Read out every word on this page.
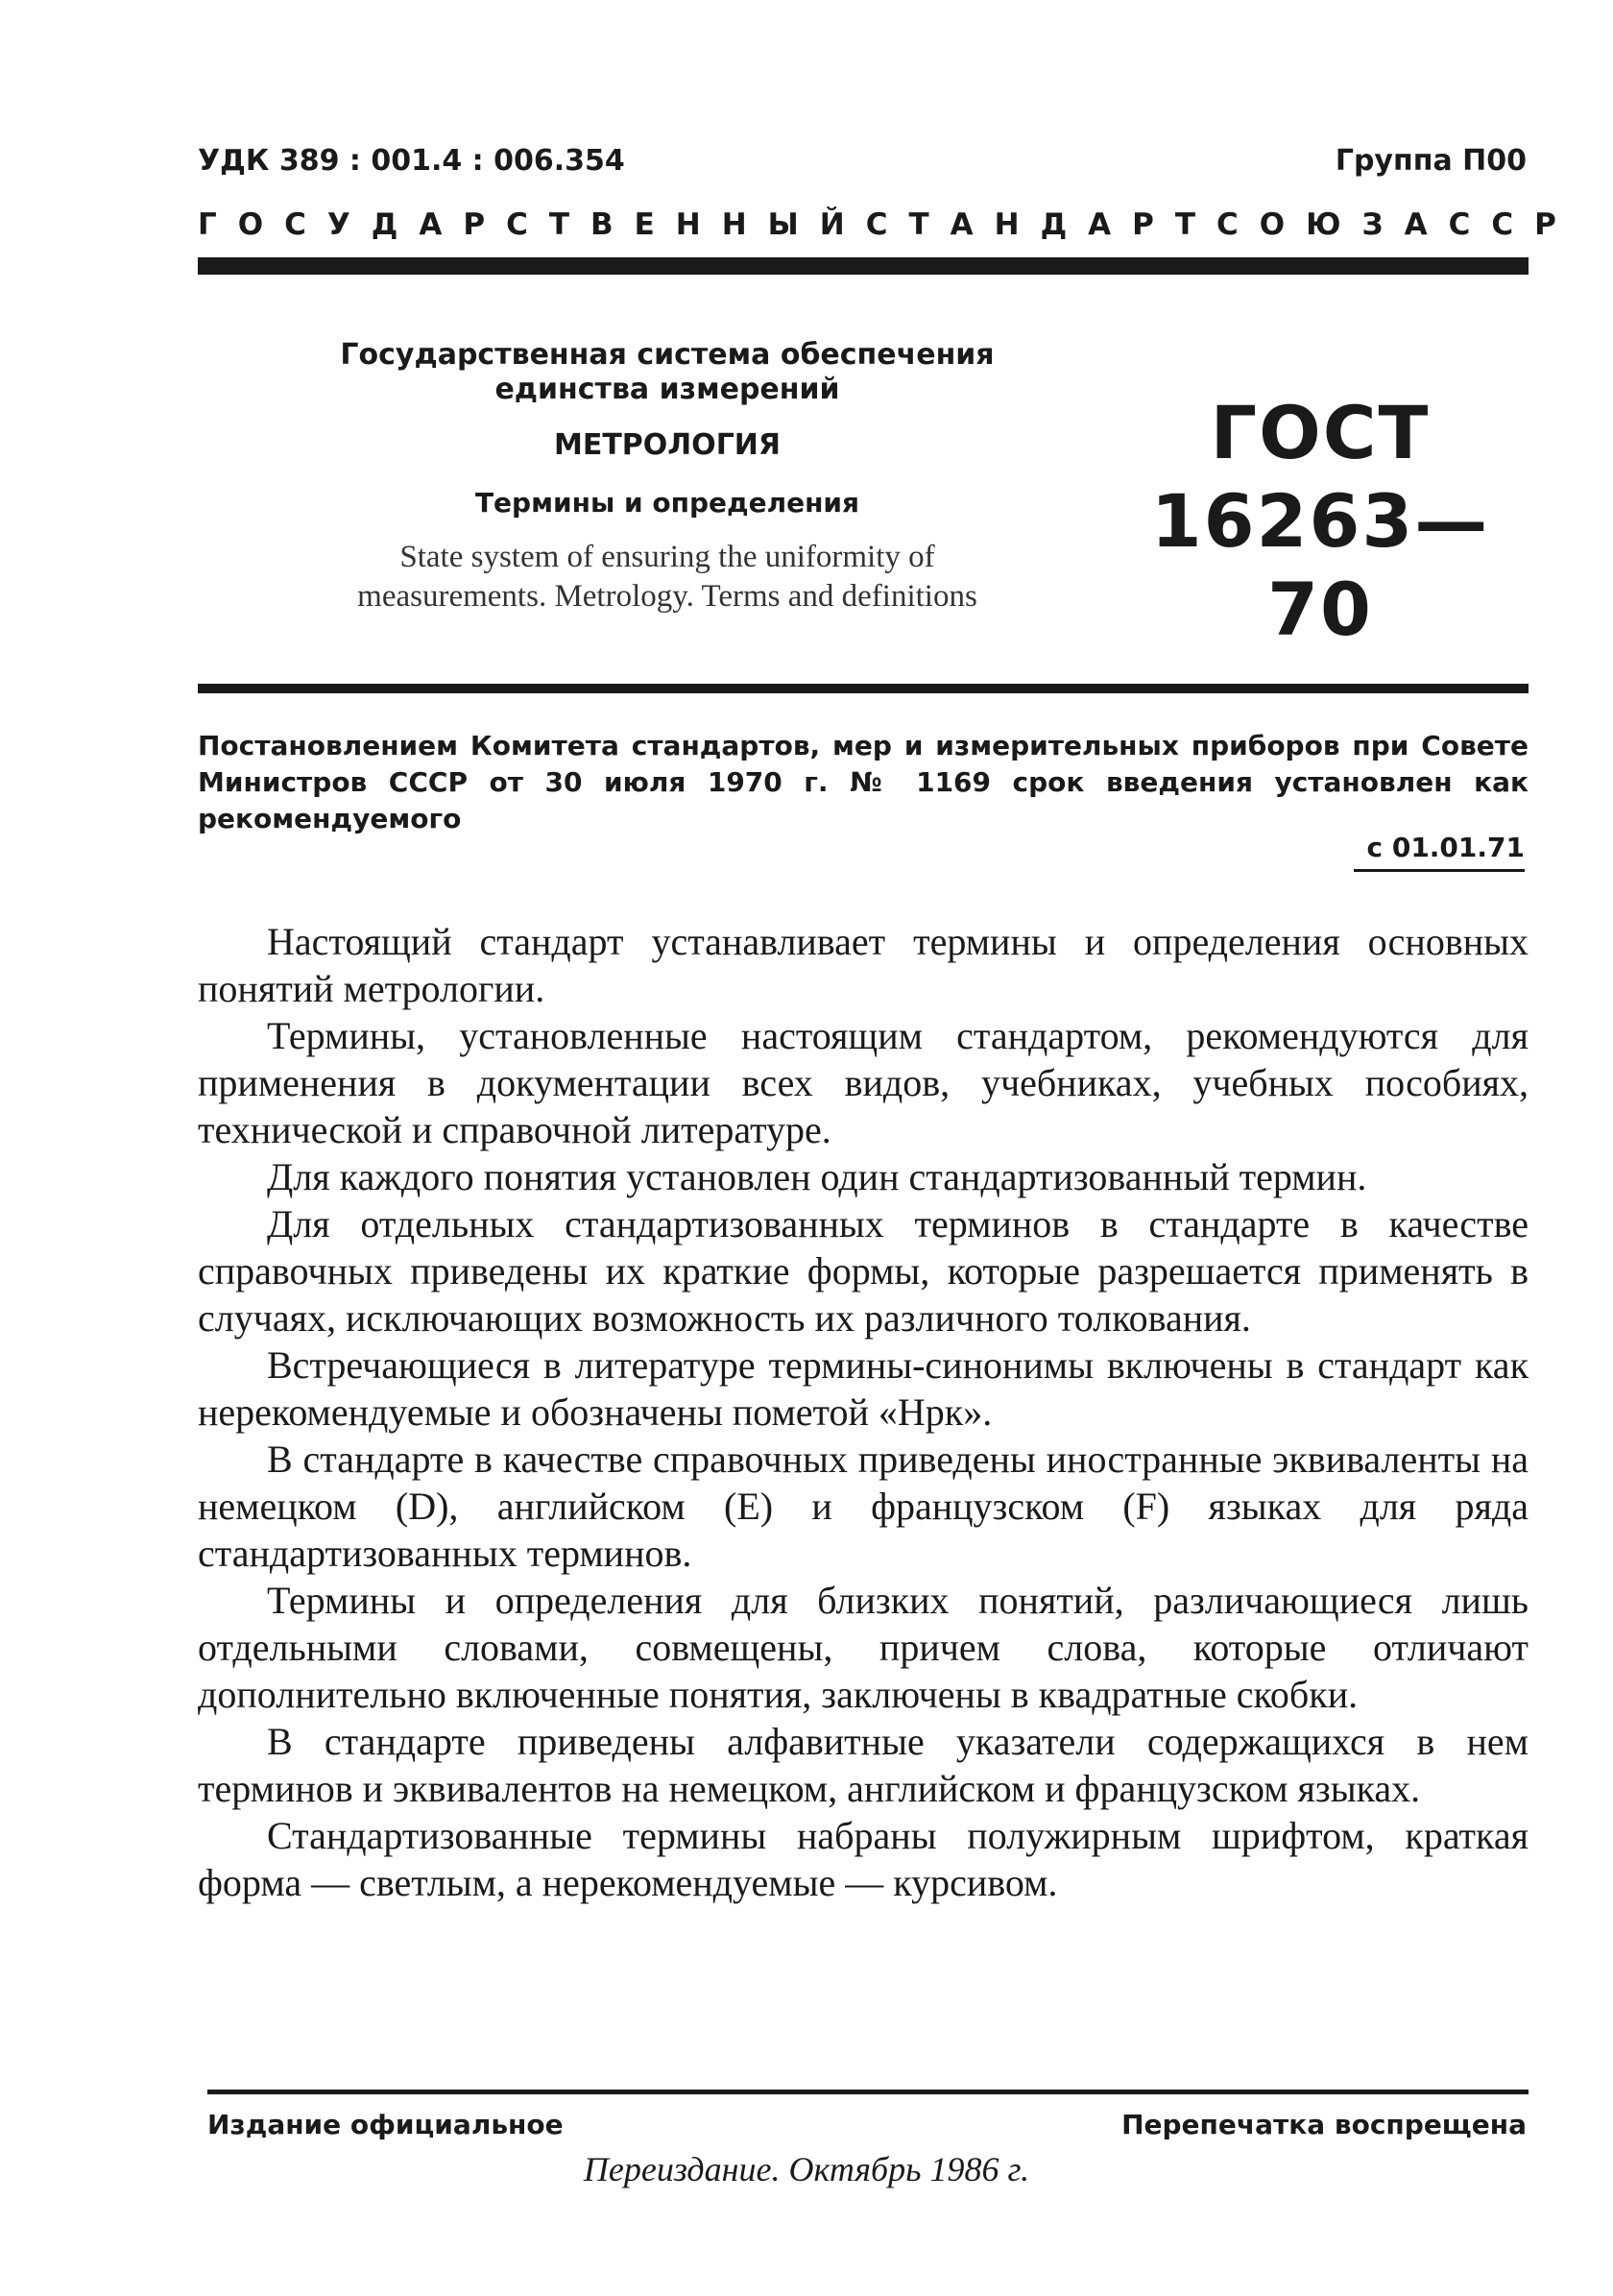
УДК 389 : 001.4 : 006.354	Группа П00
ГОСУДАРСТВЕННЫЙ СТАНДАРТ СОЮЗА ССР
Государственная система обеспечения
единства измерений
МЕТРОЛОГИЯ
Термины и определения
State system of ensuring the uniformity of
measurements. Metrology. Terms and definitions
ГОСТ
16263—70
Постановлением Комитета стандартов, мер и измерительных приборов при Совете Министров СССР от 30 июля 1970 г. № 1169 срок введения установлен как рекомендуемого
с 01.01.71

Настоящий стандарт устанавливает термины и определения основных понятий метрологии.

Термины, установленные настоящим стандартом, рекомендуются для применения в документации всех видов, учебниках, учебных пособиях, технической и справочной литературе.

Для каждого понятия установлен один стандартизованный термин.

Для отдельных стандартизованных терминов в стандарте в качестве справочных приведены их краткие формы, которые разрешается применять в случаях, исключающих возможность их различного толкования.

Встречающиеся в литературе термины-синонимы включены в стандарт как нерекомендуемые и обозначены пометой «Нрк».

В стандарте в качестве справочных приведены иностранные эквиваленты на немецком (D), английском (E) и французском (F) языках для ряда стандартизованных терминов.

Термины и определения для близких понятий, различающиеся лишь отдельными словами, совмещены, причем слова, которые отличают дополнительно включенные понятия, заключены в квадратные скобки.

В стандарте приведены алфавитные указатели содержащихся в нем терминов и эквивалентов на немецком, английском и французском языках.

Стандартизованные термины набраны полужирным шрифтом, краткая форма — светлым, а нерекомендуемые — курсивом.

Издание официальное	Перепечатка воспрещена
Переиздание. Октябрь 1986 г.
